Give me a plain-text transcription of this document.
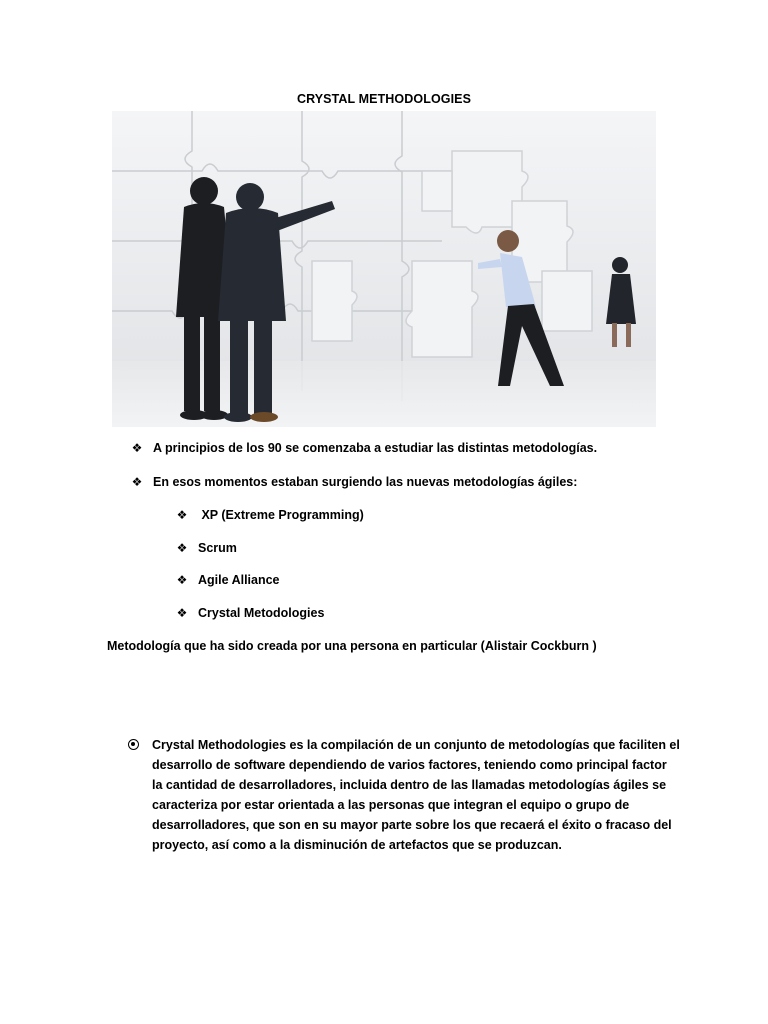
CRYSTAL METHODOLOGIES
❖ A principios de los 90 se comenzaba a estudiar las distintas metodologías.
❖ En esos momentos estaban surgiendo las nuevas metodologías ágiles:
❖ XP (Extreme Programming)
❖ Scrum
❖ Agile Alliance
❖ Crystal Metodologies
Metodología que ha sido creada por una persona en particular (Alistair Cockburn )
Crystal Methodologies es la compilación de un conjunto de metodologías que faciliten el
desarrollo de software dependiendo de varios factores, teniendo como principal factor
la cantidad de desarrolladores, incluida dentro de las llamadas metodologías ágiles se
caracteriza por estar orientada a las personas que integran el equipo o grupo de
desarrolladores, que son en su mayor parte sobre los que recaerá el éxito o fracaso del
proyecto, así como a la disminución de artefactos que se produzcan.
